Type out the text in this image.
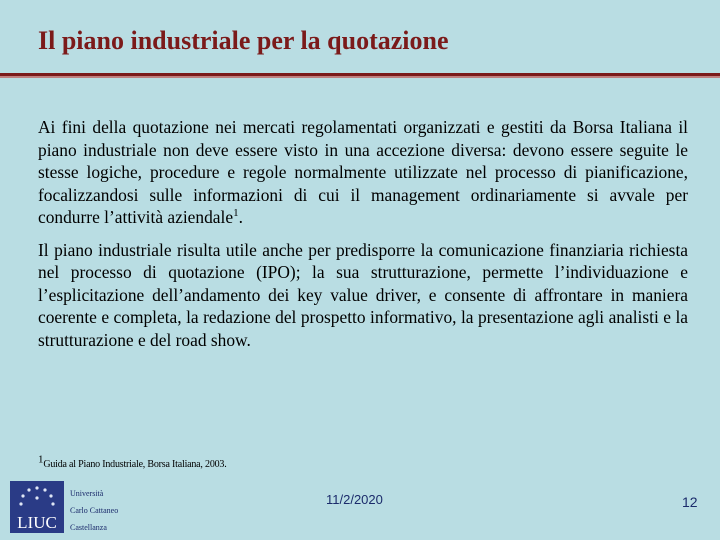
Il piano industriale per la quotazione

Ai fini della quotazione nei mercati regolamentati organizzati e gestiti da Borsa Italiana il piano industriale non deve essere visto in una accezione diversa: devono essere seguite le stesse logiche, procedure e regole normalmente utilizzate nel processo di pianificazione, focalizzandosi sulle informazioni di cui il management ordinariamente si avvale per condurre l’attività aziendale$^1$.

Il piano industriale risulta utile anche per predisporre la comunicazione finanziaria richiesta nel processo di quotazione (IPO); la sua strutturazione, permette l’individuazione e l’esplicitazione dell’andamento dei key value driver, e consente di affrontare in maniera coerente e completa, la redazione del prospetto informativo, la presentazione agli analisti e la strutturazione e del road show.

1Guida al Piano Industriale, Borsa Italiana, 2003.
LIUC
Università
Carlo Cattaneo
Castellanza
11/2/2020	12
